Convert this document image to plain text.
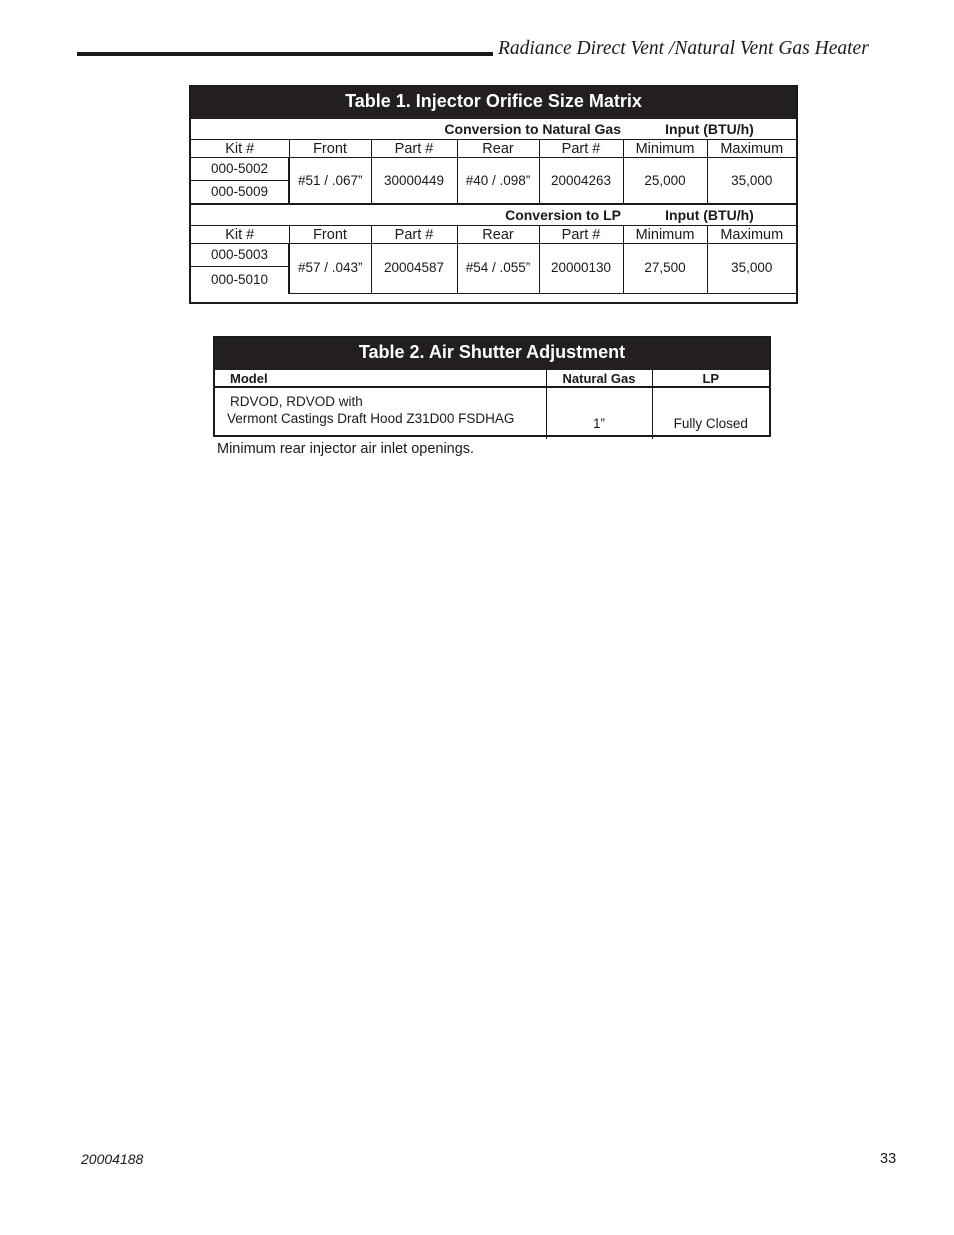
Radiance Direct Vent /Natural Vent Gas Heater
Table 1. Injector Orifice Size Matrix
Conversion to Natural Gas					Input (BTU/h)	
Kit #	Front	Part #	Rear	Part #	Minimum	Maximum
000-5002	#51 / .067”	30000449	#40 / .098”	20004263	25,000	35,000
000-5009						
Conversion to LP					Input (BTU/h)	
Kit #	Front	Part #	Rear	Part #	Minimum	Maximum
000-5003	#57 / .043”	20004587	#54 / .055”	20000130	27,500	35,000
000-5010						
Table 2. Air Shutter Adjustment
Model	Natural Gas	LP

RDVOD, RDVOD with
Vermont Castings Draft Hood Z31D00 FSDHAG	1”	Fully Closed
Minimum rear injector air inlet openings.
20004188	33
